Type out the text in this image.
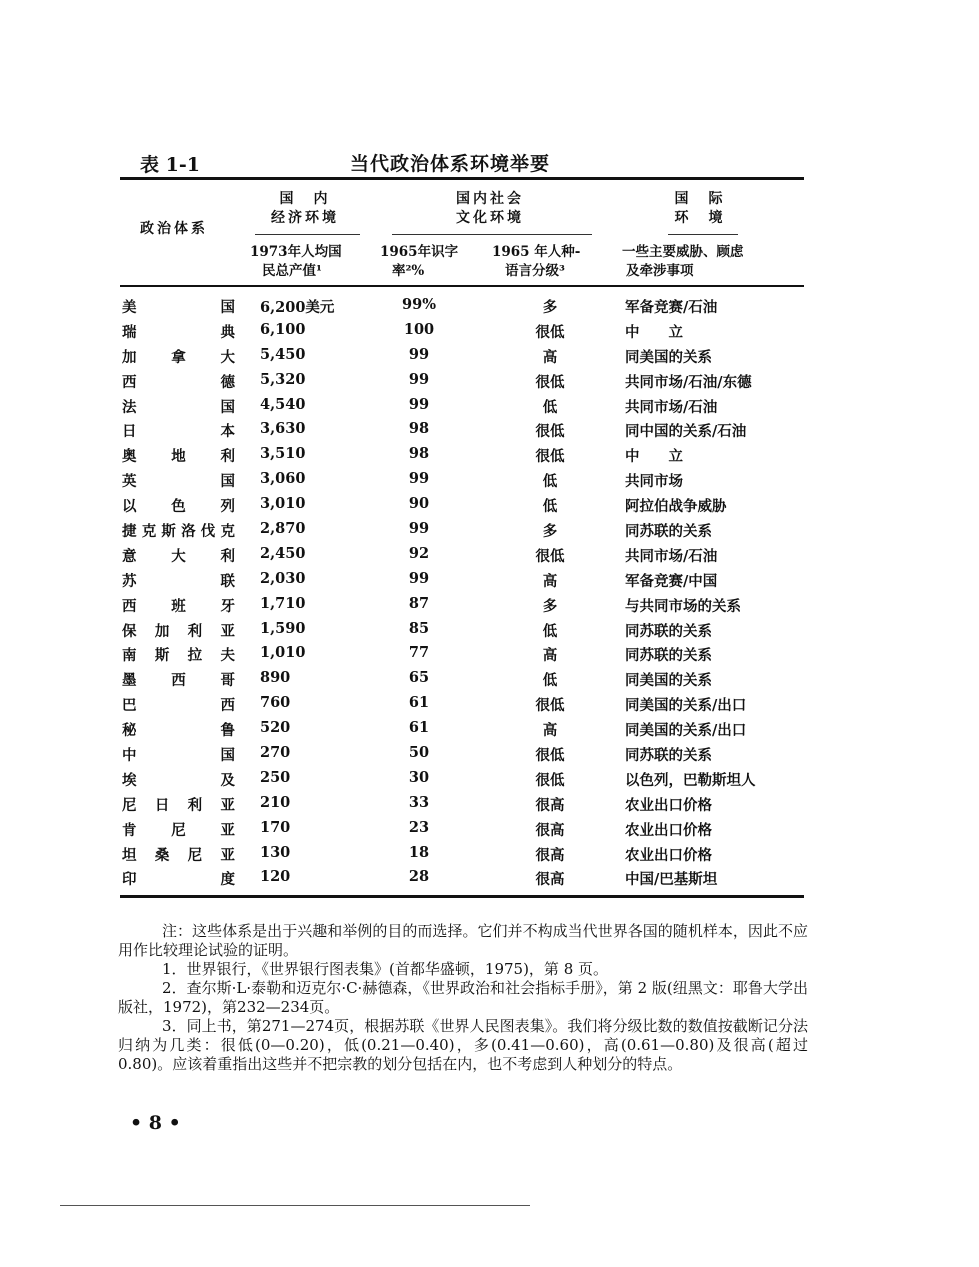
表 1-1	当代政治体系环境举要
政治体系
国　内
经济环境
国内社会
文化环境
国　际
环　境
1973年人均国
民总产值¹
1965年识字
率²%
1965 年人种-
语言分级³
一些主要威胁、顾虑
及牵涉事项
美国 6,200美元	99%	多	军备竞赛/石油
瑞典 6,100	100	很低	中　　立
加拿大 5,450	99	高	同美国的关系
西德 5,320	99	很低	共同市场/石油/东德
法国 4,540	99	低	共同市场/石油
日本 3,630	98	很低	同中国的关系/石油
奥地利 3,510	98	很低	中　　立
英国 3,060	99	低	共同市场
以色列 3,010	90	低	阿拉伯战争威胁
捷克斯洛伐克 2,870	99	多	同苏联的关系
意大利 2,450	92	很低	共同市场/石油
苏联 2,030	99	高	军备竞赛/中国
西班牙 1,710	87	多	与共同市场的关系
保加利亚 1,590	85	低	同苏联的关系
南斯拉夫 1,010	77	高	同苏联的关系
墨西哥 890	65	低	同美国的关系
巴西 760	61	很低	同美国的关系/出口
秘鲁 520	61	高	同美国的关系/出口
中国 270	50	很低	同苏联的关系
埃及 250	30	很低	以色列，巴勒斯坦人
尼日利亚 210	33	很高	农业出口价格
肯尼亚 170	23	很高	农业出口价格
坦桑尼亚 130	18	很高	农业出口价格
印度 120	28	很高	中国/巴基斯坦

注：这些体系是出于兴趣和举例的目的而选择。它们并不构成当代世界各国的随机样本，因此不应用作比较理论试验的证明。

1．世界银行，《世界银行图表集》(首都华盛顿，1975)，第 8 页。

2．查尔斯·L·泰勒和迈克尔·C·赫德森，《世界政治和社会指标手册》，第 2 版(纽黑文：耶鲁大学出版社，1972)，第232—234页。

3．同上书，第271—274页，根据苏联《世界人民图表集》。我们将分级比数的数值按截断记分法归纳为几类：很低(0—0.20)，低(0.21—0.40)，多(0.41—0.60)，高(0.61—0.80)及很高(超过0.80)。应该着重指出这些并不把宗教的划分包括在内，也不考虑到人种划分的特点。

• 8 •
